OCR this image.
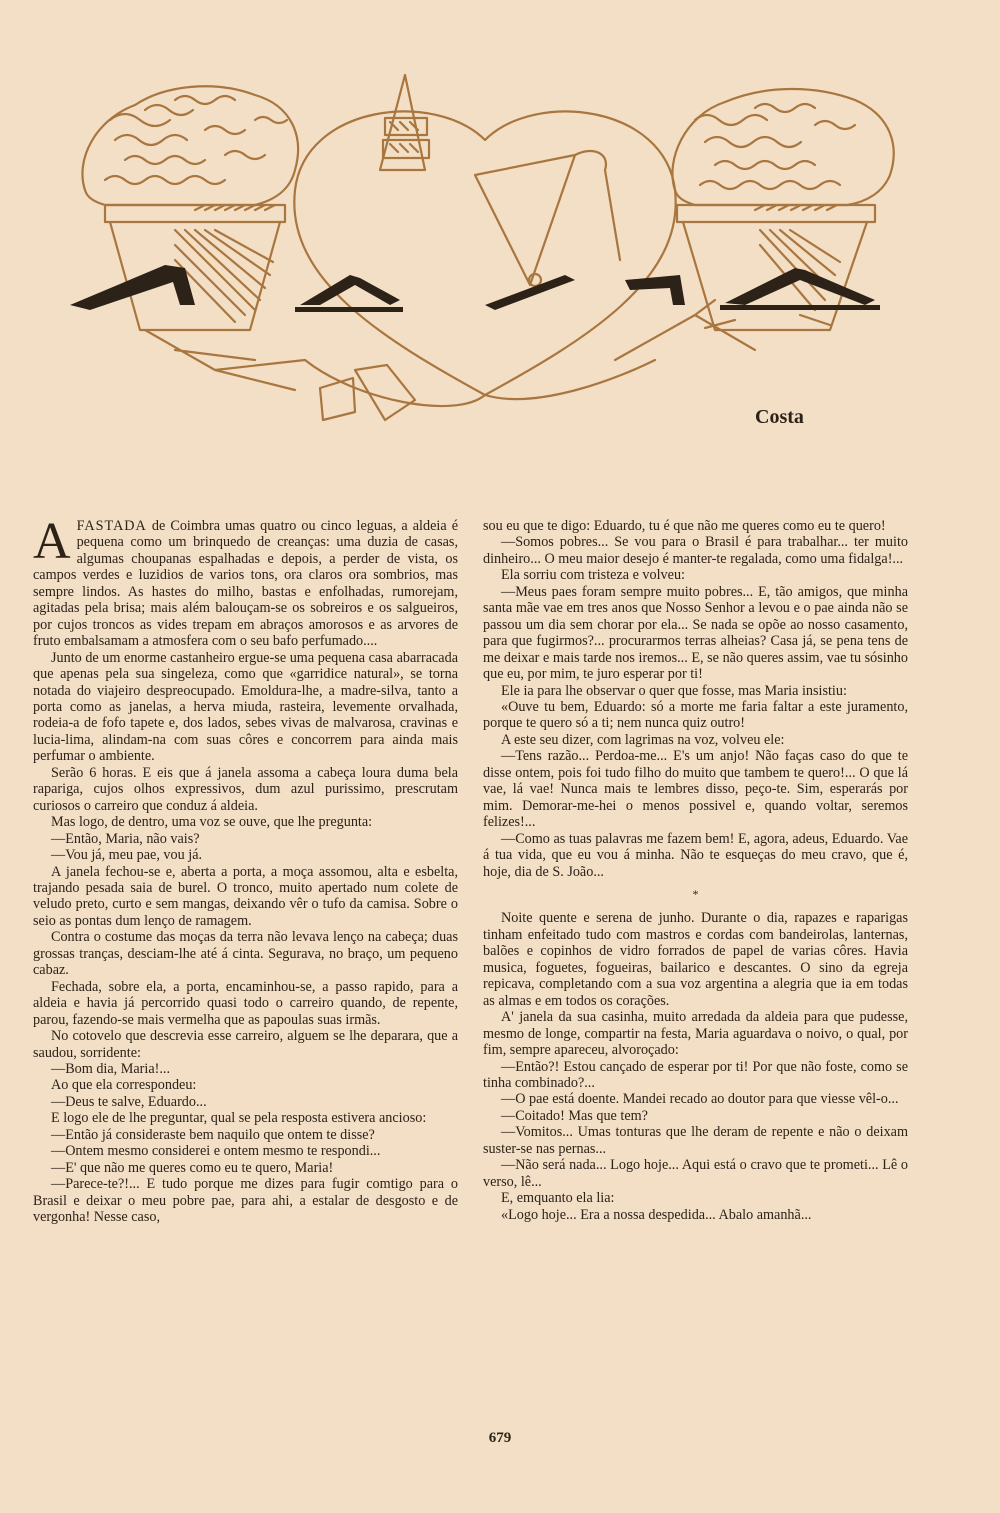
Costa

AFASTADA de Coimbra umas quatro ou cinco leguas, a aldeia é pequena como um brinquedo de creanças: uma duzia de casas, algumas choupanas espalhadas e depois, a perder de vista, os campos verdes e luzidios de varios tons, ora claros ora sombrios, mas sempre lindos. As hastes do milho, bastas e enfolhadas, rumorejam, agitadas pela brisa; mais além balouçam-se os sobreiros e os salgueiros, por cujos troncos as vides trepam em abraços amorosos e as arvores de fruto embalsamam a atmosfera com o seu bafo perfumado....

Junto de um enorme castanheiro ergue-se uma pequena casa abarracada que apenas pela sua singeleza, como que «garridice natural», se torna notada do viajeiro despreocupado. Emoldura-lhe, a madre-silva, tanto a porta como as janelas, a herva miuda, rasteira, levemente orvalhada, rodeia-a de fofo tapete e, dos lados, sebes vivas de malvarosa, cravinas e lucia-lima, alindam-na com suas côres e concorrem para ainda mais perfumar o ambiente.

Serão 6 horas. E eis que á janela assoma a cabeça loura duma bela rapariga, cujos olhos expressivos, dum azul purissimo, prescrutam curiosos o carreiro que conduz á aldeia.

Mas logo, de dentro, uma voz se ouve, que lhe pregunta:

—Então, Maria, não vais?

—Vou já, meu pae, vou já.

A janela fechou-se e, aberta a porta, a moça assomou, alta e esbelta, trajando pesada saia de burel. O tronco, muito apertado num colete de veludo preto, curto e sem mangas, deixando vêr o tufo da camisa. Sobre o seio as pontas dum lenço de ramagem.

Contra o costume das moças da terra não levava lenço na cabeça; duas grossas tranças, desciam-lhe até á cinta. Segurava, no braço, um pequeno cabaz.

Fechada, sobre ela, a porta, encaminhou-se, a passo rapido, para a aldeia e havia já percorrido quasi todo o carreiro quando, de repente, parou, fazendo-se mais vermelha que as papoulas suas irmãs.

No cotovelo que descrevia esse carreiro, alguem se lhe deparara, que a saudou, sorridente:

—Bom dia, Maria!...

Ao que ela correspondeu:

—Deus te salve, Eduardo...

E logo ele de lhe preguntar, qual se pela resposta estivera ancioso:

—Então já consideraste bem naquilo que ontem te disse?

—Ontem mesmo considerei e ontem mesmo te respondi...

—E' que não me queres como eu te quero, Maria!

—Parece-te?!... E tudo porque me dizes para fugir comtigo para o Brasil e deixar o meu pobre pae, para ahi, a estalar de desgosto e de vergonha! Nesse caso,

sou eu que te digo: Eduardo, tu é que não me queres como eu te quero!

—Somos pobres... Se vou para o Brasil é para trabalhar... ter muito dinheiro... O meu maior desejo é manter-te regalada, como uma fidalga!...

Ela sorriu com tristeza e volveu:

—Meus paes foram sempre muito pobres... E, tão amigos, que minha santa mãe vae em tres anos que Nosso Senhor a levou e o pae ainda não se passou um dia sem chorar por ela... Se nada se opõe ao nosso casamento, para que fugirmos?... procurarmos terras alheias? Casa já, se pena tens de me deixar e mais tarde nos iremos... E, se não queres assim, vae tu sósinho que eu, por mim, te juro esperar por ti!

Ele ia para lhe observar o quer que fosse, mas Maria insistiu:

«Ouve tu bem, Eduardo: só a morte me faria faltar a este juramento, porque te quero só a ti; nem nunca quiz outro!

A este seu dizer, com lagrimas na voz, volveu ele:

—Tens razão... Perdoa-me... E's um anjo! Não faças caso do que te disse ontem, pois foi tudo filho do muito que tambem te quero!... O que lá vae, lá vae! Nunca mais te lembres disso, peço-te. Sim, esperarás por mim. Demorar-me-hei o menos possivel e, quando voltar, seremos felizes!...

—Como as tuas palavras me fazem bem! E, agora, adeus, Eduardo. Vae á tua vida, que eu vou á minha. Não te esqueças do meu cravo, que é, hoje, dia de S. João...

*

Noite quente e serena de junho. Durante o dia, rapazes e raparigas tinham enfeitado tudo com mastros e cordas com bandeirolas, lanternas, balões e copinhos de vidro forrados de papel de varias côres. Havia musica, foguetes, fogueiras, bailarico e descantes. O sino da egreja repicava, completando com a sua voz argentina a alegria que ia em todas as almas e em todos os corações.

A' janela da sua casinha, muito arredada da aldeia para que pudesse, mesmo de longe, compartir na festa, Maria aguardava o noivo, o qual, por fim, sempre apareceu, alvoroçado:

—Então?! Estou cançado de esperar por ti! Por que não foste, como se tinha combinado?...

—O pae está doente. Mandei recado ao doutor para que viesse vêl-o...

—Coitado! Mas que tem?

—Vomitos... Umas tonturas que lhe deram de repente e não o deixam suster-se nas pernas...

—Não será nada... Logo hoje... Aqui está o cravo que te prometi... Lê o verso, lê...

E, emquanto ela lia:

«Logo hoje... Era a nossa despedida... Abalo amanhã...

679
